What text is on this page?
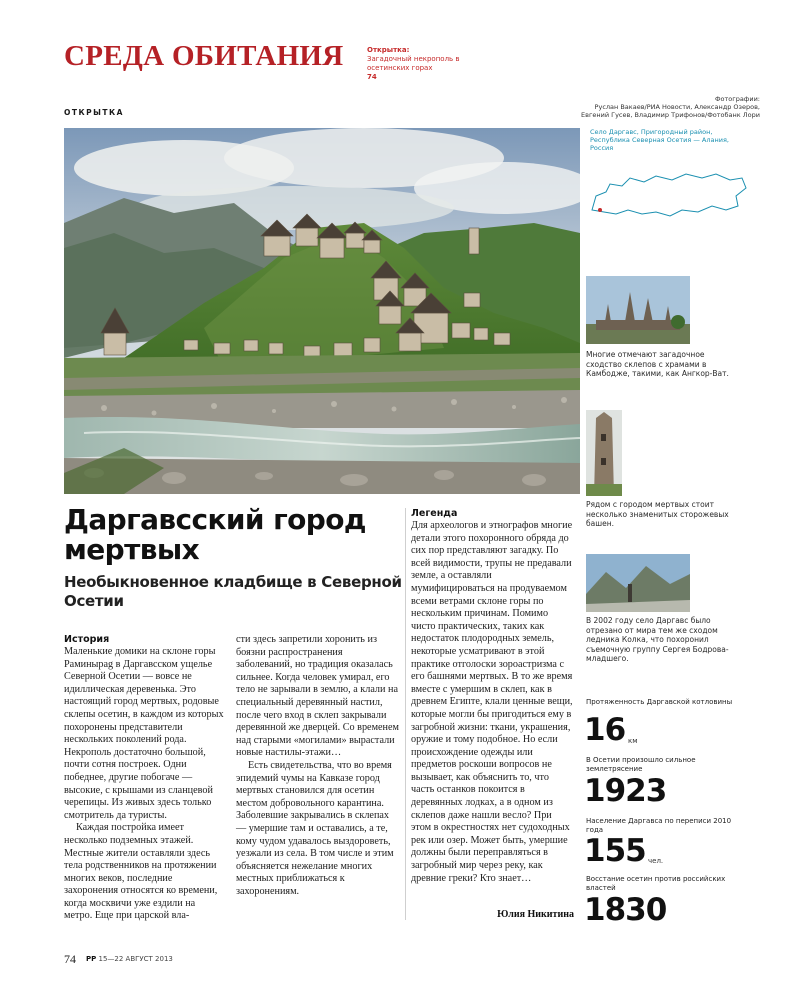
СРЕДА ОБИТАНИЯ	Открытка:
Загадочный некрополь в осетинских горах
74
ОТКРЫТКА
Фотографии:
Руслан Вакаев/РИА Новости, Александр Озеров,
Евгений Гусев, Владимир Трифонов/Фотобанк Лори
Село Даргавс, Пригородный район, Республика Северная Осетия — Алания, Россия
Многие отмечают загадочное сходство склепов с храмами в Камбодже, такими, как Ангкор-Ват.
Рядом с городом мертвых стоит несколько знаменитых сторожевых башен.
В 2002 году село Даргавс было отрезано от мира тем же сходом ледника Колка, что похоронил съемочную группу Сергея Бодрова-младшего.
Протяженность Даргавской котловины
16 км
В Осетии произошло сильное землетрясение
1923
Население Даргавса по переписи 2010 года
155 чел.
Восстание осетин против российских властей
1830
Даргавсский город мертвых
Необыкновенное кладбище в Северной Осетии
История

Маленькие домики на склоне горы Раминырag в Даргавсском ущелье Северной Осетии — вовсе не идиллическая деревенька. Это настоящий город мертвых, родовые склепы осетин, в каждом из которых похоронены представители нескольких поколений рода. Некрополь достаточно большой, почти сотня построек. Одни победнее, другие побогаче — высокие, с крышами из сланцевой черепицы. Из живых здесь только смотритель да туристы.

Каждая постройка имеет несколько подземных этажей. Местные жители оставляли здесь тела родственников на протяжении многих веков, последние захоронения относятся ко времени, когда москвичи уже ездили на метро. Еще при царской вла-

сти здесь запретили хоронить из боязни распространения заболеваний, но традиция оказалась сильнее. Когда человек умирал, его тело не зарывали в землю, а клали на специальный деревянный настил, после чего вход в склеп закрывали деревянной же дверцей. Со временем над старыми «могилами» вырастали новые настилы-этажи…

Есть свидетельства, что во время эпидемий чумы на Кавказе город мертвых становился для осетин местом добровольного карантина. Заболевшие закрывались в склепах — умершие там и оставались, а те, кому чудом удавалось выздороветь, уезжали из села. В том числе и этим объясняется нежелание многих местных приближаться к захоронениям.

Легенда

Для археологов и этнографов многие детали этого похоронного обряда до сих пор представляют загадку. По всей видимости, трупы не предавали земле, а оставляли мумифицироваться на продуваемом всеми ветрами склоне горы по нескольким причинам. Помимо чисто практических, таких как недостаток плодородных земель, некоторые усматривают в этой практике отголоски зороастризма с его башнями мертвых. В то же время вместе с умершим в склеп, как в древнем Египте, клали ценные вещи, которые могли бы пригодиться ему в загробной жизни: ткани, украшения, оружие и тому подобное. Но если происхождение одежды или предметов роскоши вопросов не вызывает, как объяснить то, что часть останков покоится в деревянных лодках, а в одном из склепов даже нашли весло? При этом в окрестностях нет судоходных рек или озер. Может быть, умершие должны были переправляться в загробный мир через реку, как древние греки? Кто знает…

Юлия Никитина
74 РР 15—22 АВГУСТ 2013
